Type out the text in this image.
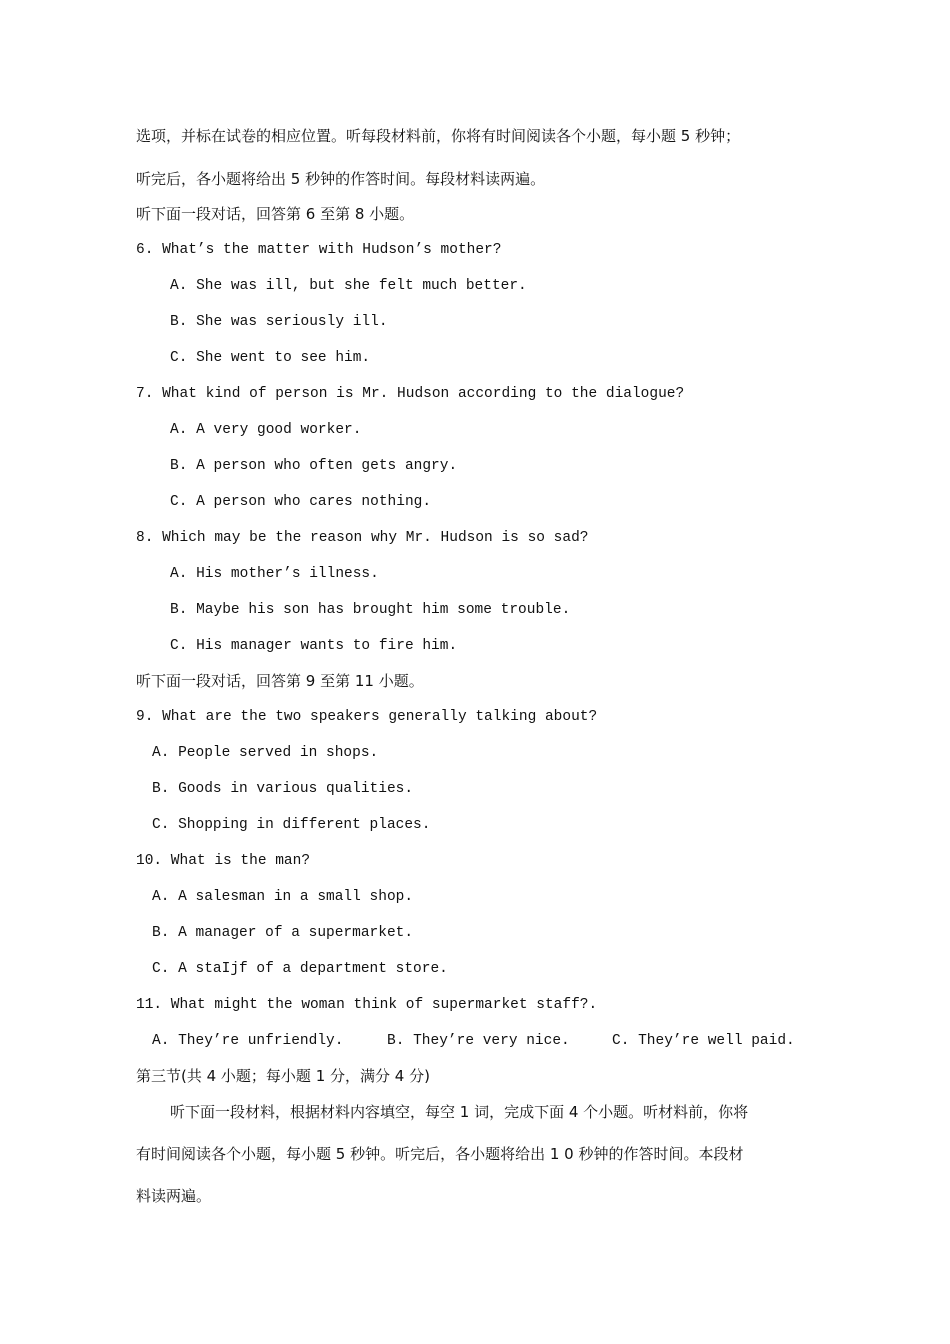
选项，并标在试卷的相应位置。听每段材料前，你将有时间阅读各个小题，每小题 5 秒钟；
听完后，各小题将给出 5 秒钟的作答时间。每段材料读两遍。
听下面一段对话，回答第 6 至第 8 小题。
6. What’s the matter with Hudson’s mother?
A. She was ill, but she felt much better.
B. She was seriously ill.
C. She went to see him.
7. What kind of person is Mr. Hudson according to the dialogue?
A. A very good worker.
B. A person who often gets angry.
C. A person who cares nothing.
8. Which may be the reason why Mr. Hudson is so sad?
A. His mother’s illness.
B. Maybe his son has brought him some trouble.
C. His manager wants to fire him.
听下面一段对话，回答第 9 至第 11 小题。
9. What are the two speakers generally talking about?
A. People served in shops.
B. Goods in various qualities.
C. Shopping in different places.
10. What is the man?
A. A salesman in a small shop.
B. A manager of a supermarket.
C. A staIjf of a department store.
11. What might the woman think of supermarket staff?.
A. They’re unfriendly.	B. They’re very nice.	C. They’re well paid.
第三节(共 4 小题；每小题 1 分，满分 4 分)
听下面一段材料，根据材料内容填空，每空 1 词，完成下面 4 个小题。听材料前，你将
有时间阅读各个小题，每小题 5 秒钟。听完后，各小题将给出 1 0 秒钟的作答时间。本段材
料读两遍。
